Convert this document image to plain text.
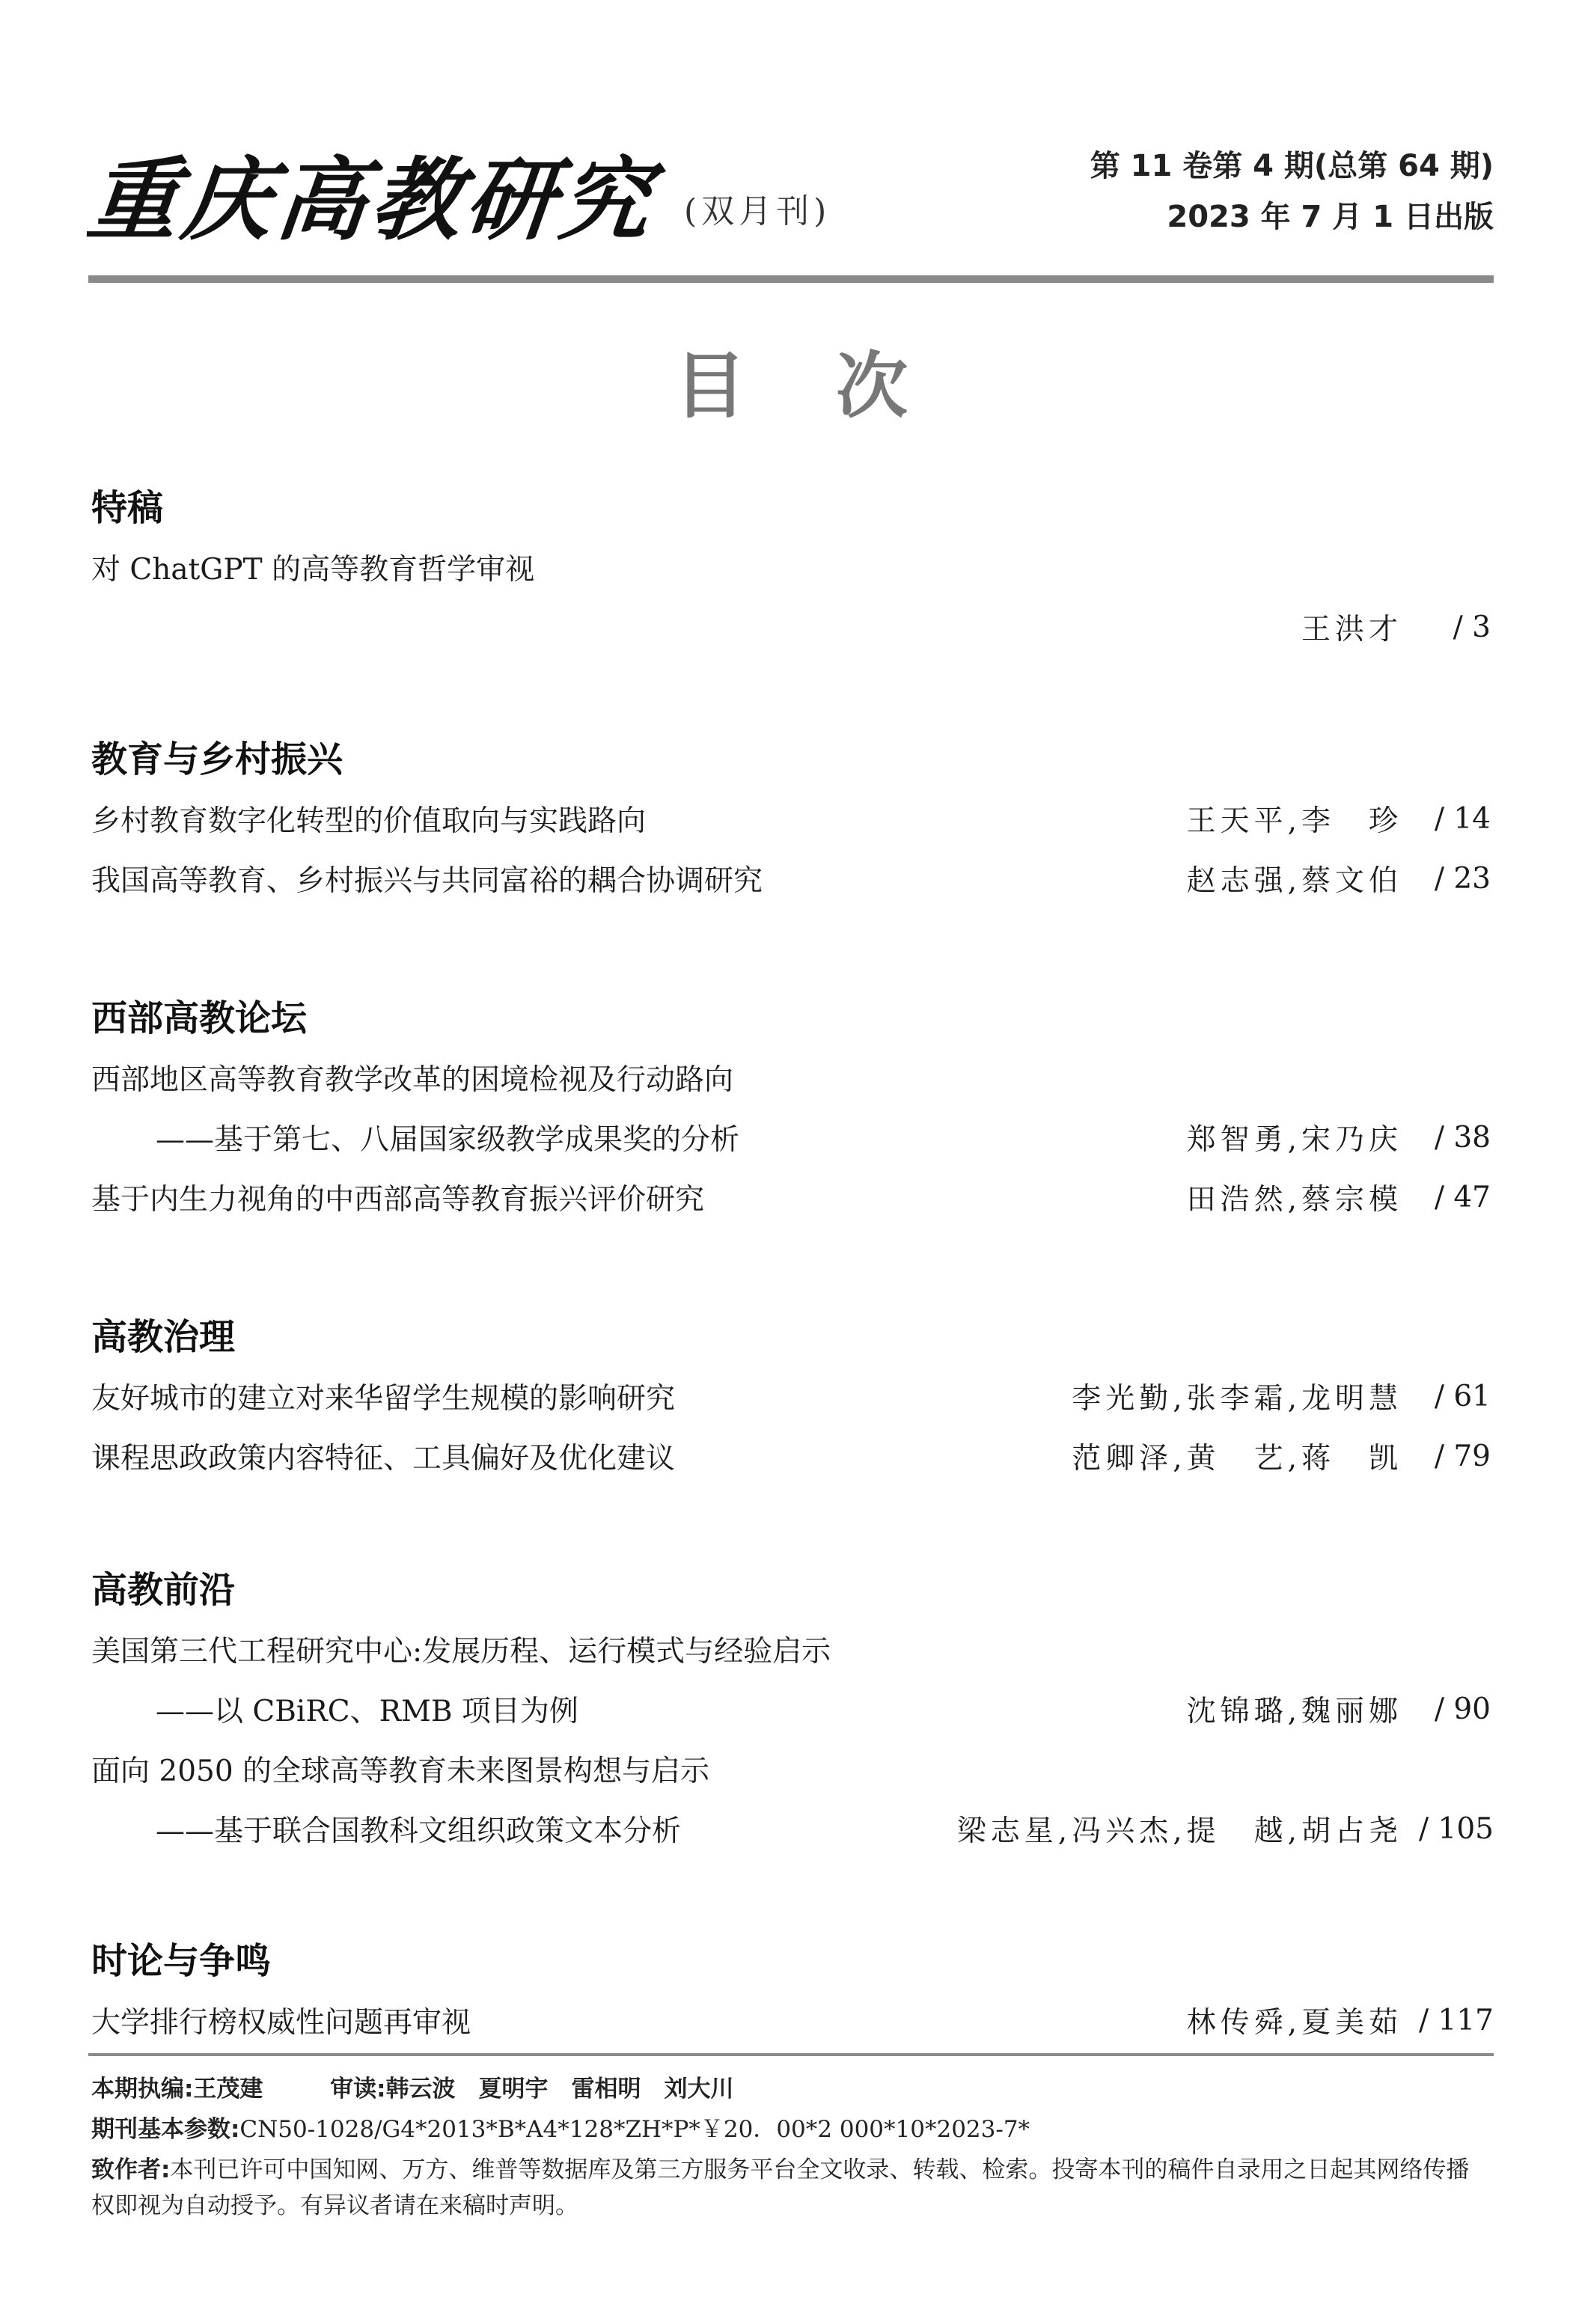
重庆高教研究 (双月刊)
第 11 卷第 4 期(总第 64 期)
2023 年 7 月 1 日出版
目次
特稿
对 ChatGPT 的高等教育哲学审视
王洪才	/ 3
教育与乡村振兴
乡村教育数字化转型的价值取向与实践路向	王天平,李　珍	/ 14
我国高等教育、乡村振兴与共同富裕的耦合协调研究	赵志强,蔡文伯	/ 23
西部高教论坛
西部地区高等教育教学改革的困境检视及行动路向
——基于第七、八届国家级教学成果奖的分析	郑智勇,宋乃庆	/ 38
基于内生力视角的中西部高等教育振兴评价研究	田浩然,蔡宗模	/ 47
高教治理
友好城市的建立对来华留学生规模的影响研究	李光勤,张李霜,龙明慧	/ 61
课程思政政策内容特征、工具偏好及优化建议	范卿泽,黄　艺,蒋　凯	/ 79
高教前沿
美国第三代工程研究中心:发展历程、运行模式与经验启示
——以 CBiRC、RMB 项目为例	沈锦璐,魏丽娜	/ 90
面向 2050 的全球高等教育未来图景构想与启示
——基于联合国教科文组织政策文本分析	梁志星,冯兴杰,提　越,胡占尧 / 105
时论与争鸣
大学排行榜权威性问题再审视	林传舜,夏美茹 / 117
本期执编:王茂建	审读:韩云波　夏明宇　雷相明　刘大川
期刊基本参数:CN50-1028/G4*2013*B*A4*128*ZH*P*￥20．00*2 000*10*2023-7*
致作者:本刊已许可中国知网、万方、维普等数据库及第三方服务平台全文收录、转载、检索。投寄本刊的稿件自录用之日起其网络传播权即视为自动授予。有异议者请在来稿时声明。
